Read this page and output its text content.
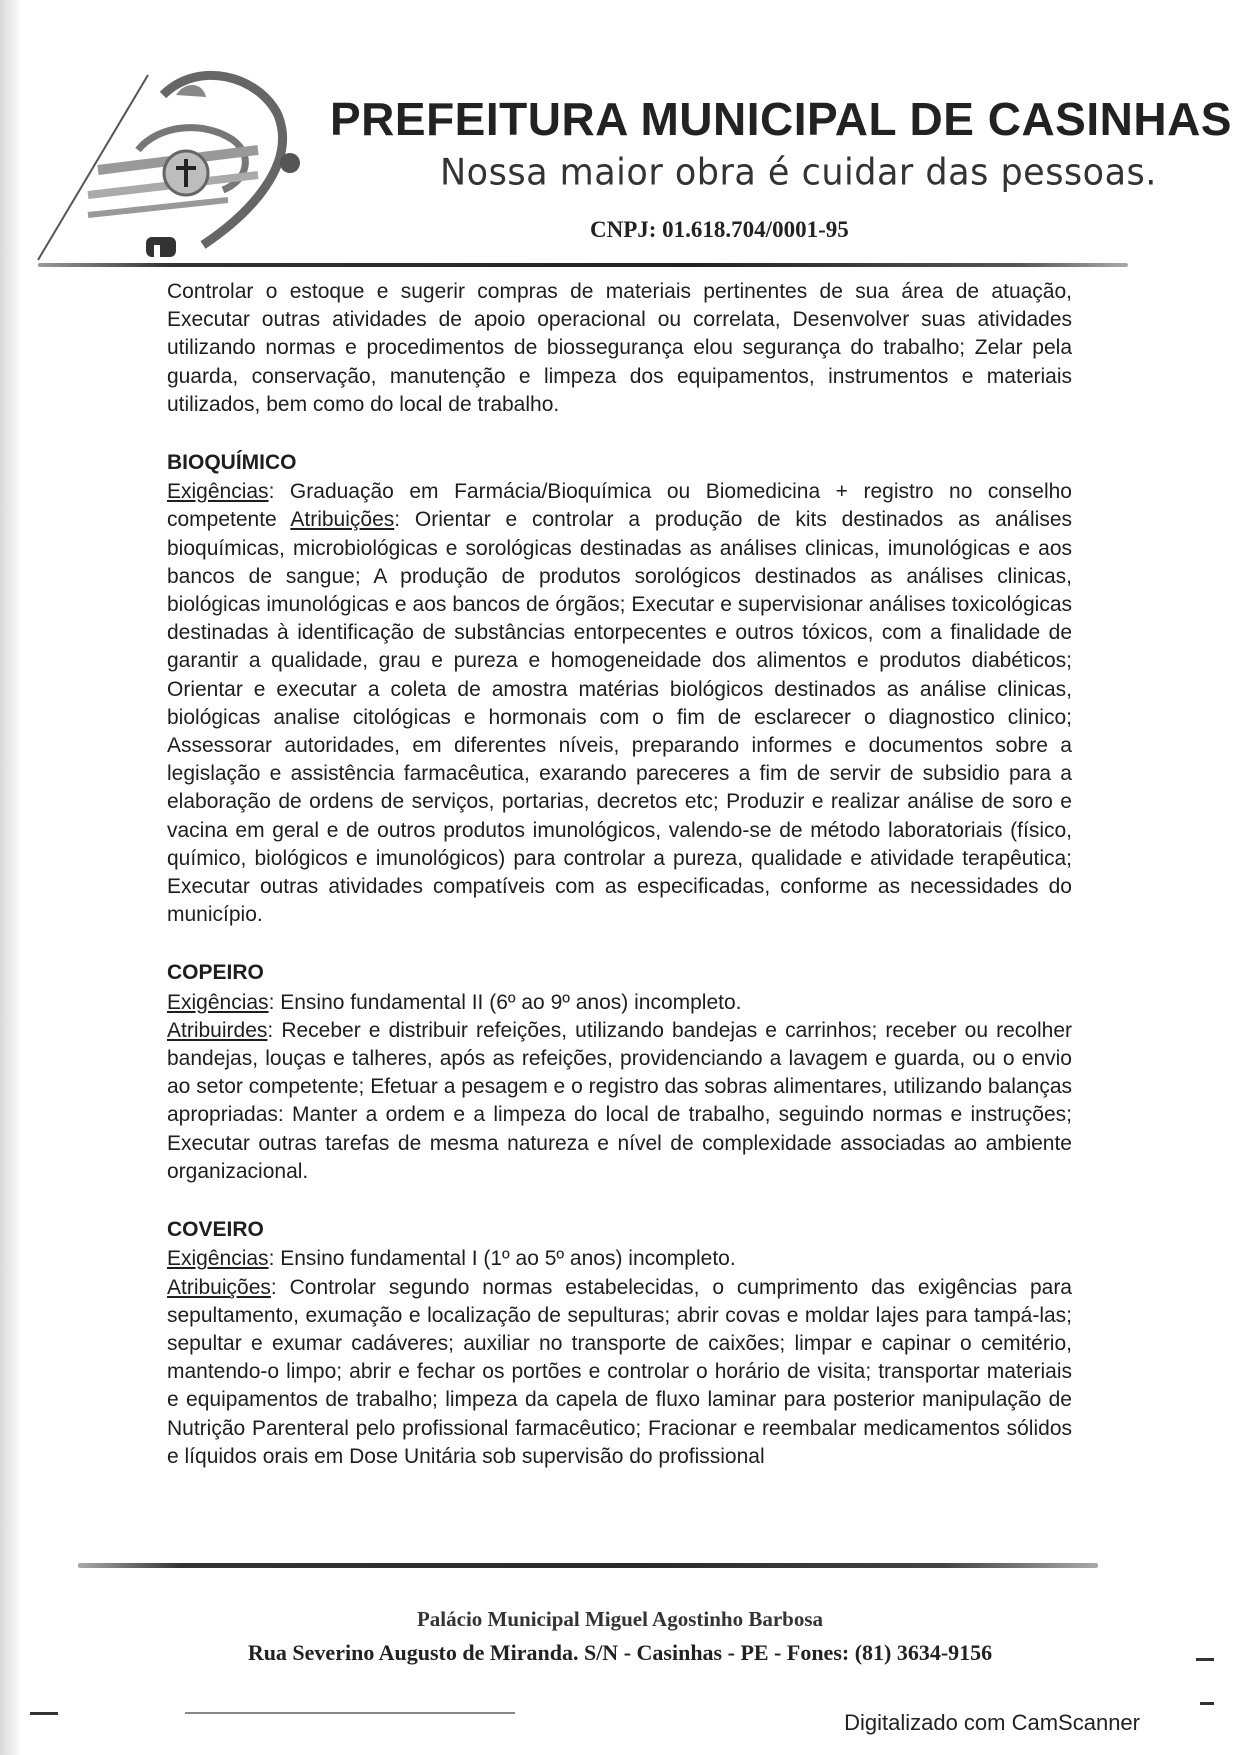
PREFEITURA MUNICIPAL DE CASINHAS
Nossa maior obra é cuidar das pessoas.
CNPJ: 01.618.704/0001-95

Controlar o estoque e sugerir compras de materiais pertinentes de sua área de atuação, Executar outras atividades de apoio operacional ou correlata, Desenvolver suas atividades utilizando normas e procedimentos de biossegurança elou segurança do trabalho; Zelar pela guarda, conservação, manutenção e limpeza dos equipamentos, instrumentos e materiais utilizados, bem como do local de trabalho.

BIOQUÍMICO

Exigências: Graduação em Farmácia/Bioquímica ou Biomedicina + registro no conselho competente Atribuições: Orientar e controlar a produção de kits destinados as análises bioquímicas, microbiológicas e sorológicas destinadas as análises clinicas, imunológicas e aos bancos de sangue; A produção de produtos sorológicos destinados as análises clinicas, biológicas imunológicas e aos bancos de órgãos; Executar e supervisionar análises toxicológicas destinadas à identificação de substâncias entorpecentes e outros tóxicos, com a finalidade de garantir a qualidade, grau e pureza e homogeneidade dos alimentos e produtos diabéticos; Orientar e executar a coleta de amostra matérias biológicos destinados as análise clinicas, biológicas analise citológicas e hormonais com o fim de esclarecer o diagnostico clinico; Assessorar autoridades, em diferentes níveis, preparando informes e documentos sobre a legislação e assistência farmacêutica, exarando pareceres a fim de servir de subsidio para a elaboração de ordens de serviços, portarias, decretos etc; Produzir e realizar análise de soro e vacina em geral e de outros produtos imunológicos, valendo-se de método laboratoriais (físico, químico, biológicos e imunológicos) para controlar a pureza, qualidade e atividade terapêutica; Executar outras atividades compatíveis com as especificadas, conforme as necessidades do município.

COPEIRO

Exigências: Ensino fundamental II (6º ao 9º anos) incompleto.

Atribuirdes: Receber e distribuir refeições, utilizando bandejas e carrinhos; receber ou recolher bandejas, louças e talheres, após as refeições, providenciando a lavagem e guarda, ou o envio ao setor competente; Efetuar a pesagem e o registro das sobras alimentares, utilizando balanças apropriadas: Manter a ordem e a limpeza do local de trabalho, seguindo normas e instruções; Executar outras tarefas de mesma natureza e nível de complexidade associadas ao ambiente organizacional.

COVEIRO

Exigências: Ensino fundamental I (1º ao 5º anos) incompleto.

Atribuições: Controlar segundo normas estabelecidas, o cumprimento das exigências para sepultamento, exumação e localização de sepulturas; abrir covas e moldar lajes para tampá-las; sepultar e exumar cadáveres; auxiliar no transporte de caixões; limpar e capinar o cemitério, mantendo-o limpo; abrir e fechar os portões e controlar o horário de visita; transportar materiais e equipamentos de trabalho; limpeza da capela de fluxo laminar para posterior manipulação de Nutrição Parenteral pelo profissional farmacêutico; Fracionar e reembalar medicamentos sólidos e líquidos orais em Dose Unitária sob supervisão do profissional

Palácio Municipal Miguel Agostinho Barbosa
Rua Severino Augusto de Miranda. S/N - Casinhas - PE - Fones: (81) 3634-9156
Digitalizado com CamScanner
